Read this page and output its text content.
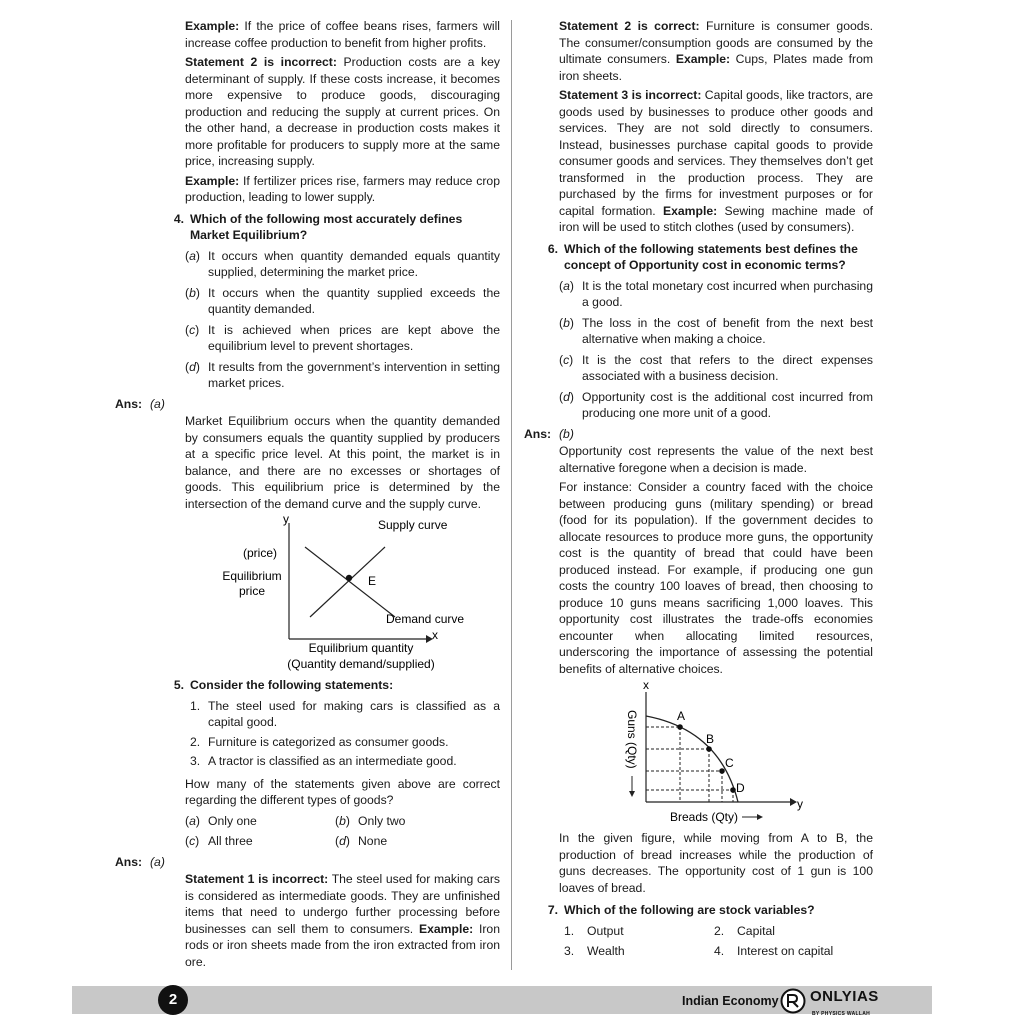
Example: If the price of coffee beans rises, farmers will increase coffee production to benefit from higher profits.

Statement 2 is incorrect: Production costs are a key determinant of supply. If these costs increase, it becomes more expensive to produce goods, discouraging production and reducing the supply at current prices. On the other hand, a decrease in production costs makes it more profitable for producers to supply more at the same price, increasing supply.

Example: If fertilizer prices rise, farmers may reduce crop production, leading to lower supply.

4. Which of the following most accurately defines Market Equilibrium?
(a) It occurs when quantity demanded equals quantity supplied, determining the market price.
(b) It occurs when the quantity supplied exceeds the quantity demanded.
(c) It is achieved when prices are kept above the equilibrium level to prevent shortages.
(d) It results from the government’s intervention in setting market prices.
Ans: (a)

Market Equilibrium occurs when the quantity demanded by consumers equals the quantity supplied by producers at a specific price level. At this point, the market is in balance, and there are no excesses or shortages of goods. This equilibrium price is determined by the intersection of the demand curve and the supply curve.

y
x
Supply curve
Demand curve
(price)
Equilibrium
price
E
Equilibrium quantity
(Quantity demand/supplied)
5. Consider the following statements:
1. The steel used for making cars is classified as a capital good.
2. Furniture is categorized as consumer goods.
3. A tractor is classified as an intermediate good.

How many of the statements given above are correct regarding the different types of goods?

(a) Only one	(b) Only two
(c) All three	(d) None
Ans: (a)

Statement 1 is incorrect: The steel used for making cars is considered as intermediate goods. They are unfinished items that need to undergo further processing before businesses can sell them to consumers. Example: Iron rods or iron sheets made from the iron extracted from iron ore.

Statement 2 is correct: Furniture is consumer goods. The consumer/consumption goods are consumed by the ultimate consumers. Example: Cups, Plates made from iron sheets.

Statement 3 is incorrect: Capital goods, like tractors, are goods used by businesses to produce other goods and services. They are not sold directly to consumers. Instead, businesses purchase capital goods to provide consumer goods and services. They themselves don’t get transformed in the production process. They are purchased by the firms for investment purposes or for capital formation. Example: Sewing machine made of iron will be used to stitch clothes (used by consumers).

6. Which of the following statements best defines the concept of Opportunity cost in economic terms?
(a) It is the total monetary cost incurred when purchasing a good.
(b) The loss in the cost of benefit from the next best alternative when making a choice.
(c) It is the cost that refers to the direct expenses associated with a business decision.
(d) Opportunity cost is the additional cost incurred from producing one more unit of a good.
Ans: (b)

Opportunity cost represents the value of the next best alternative foregone when a decision is made.

For instance: Consider a country faced with the choice between producing guns (military spending) or bread (food for its population). If the government decides to allocate resources to produce more guns, the opportunity cost is the quantity of bread that could have been produced instead. For example, if producing one gun costs the country 100 loaves of bread, then choosing to produce 10 guns means sacrificing 1,000 loaves. This opportunity cost illustrates the trade-offs economies encounter when allocating limited resources, underscoring the importance of assessing the potential benefits of alternative choices.

x
y
A
B
C
D
Guns (Qty)
Breads (Qty)

In the given figure, while moving from A to B, the production of bread increases while the production of guns decreases. The opportunity cost of 1 gun is 100 loaves of bread.

7. Which of the following are stock variables?
1.	Output	2.	Capital
3.	Wealth	4.	Interest on capital
2	Indian Economy ONLYIAS
BY PHYSICS WALLAH
